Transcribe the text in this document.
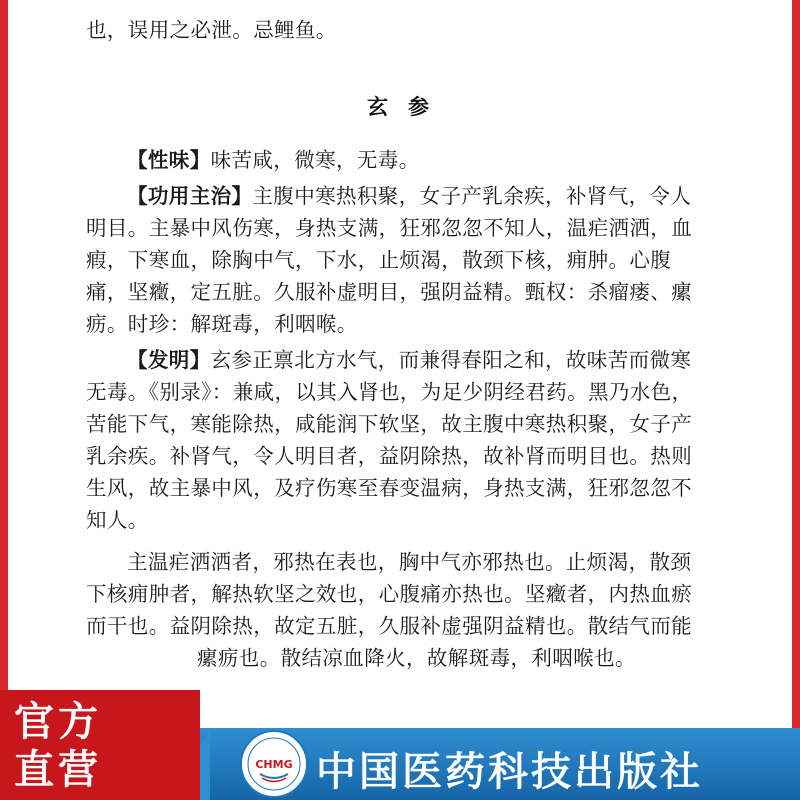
也，误用之必泄。忌鲤鱼。
玄参
【性味】味苦咸，微寒，无毒。
【功用主治】主腹中寒热积聚，女子产乳余疾，补肾气，令人
明目。主暴中风伤寒，身热支满，狂邪忽忽不知人，温疟洒洒，血
瘕，下寒血，除胸中气，下水，止烦渴，散颈下核，痈肿。心腹
痛，坚癥，定五脏。久服补虚明目，强阴益精。甄权：杀瘤瘘、瘰
疬。时珍：解斑毒，利咽喉。
【发明】玄参正禀北方水气，而兼得春阳之和，故味苦而微寒
无毒。《别录》：兼咸，以其入肾也，为足少阴经君药。黑乃水色，
苦能下气，寒能除热，咸能润下软坚，故主腹中寒热积聚，女子产
乳余疾。补肾气，令人明目者，益阴除热，故补肾而明目也。热则
生风，故主暴中风，及疗伤寒至春变温病，身热支满，狂邪忽忽不
知人。
主温疟洒洒者，邪热在表也，胸中气亦邪热也。止烦渴，散颈
下核痈肿者，解热软坚之效也，心腹痛亦热也。坚癥者，内热血瘀
而干也。益阴除热，故定五脏，久服补虚强阴益精也。散结气而能
瘰疬也。散结凉血降火，故解斑毒，利咽喉也。
官方
直营	CHMG 中国医药科技出版社
